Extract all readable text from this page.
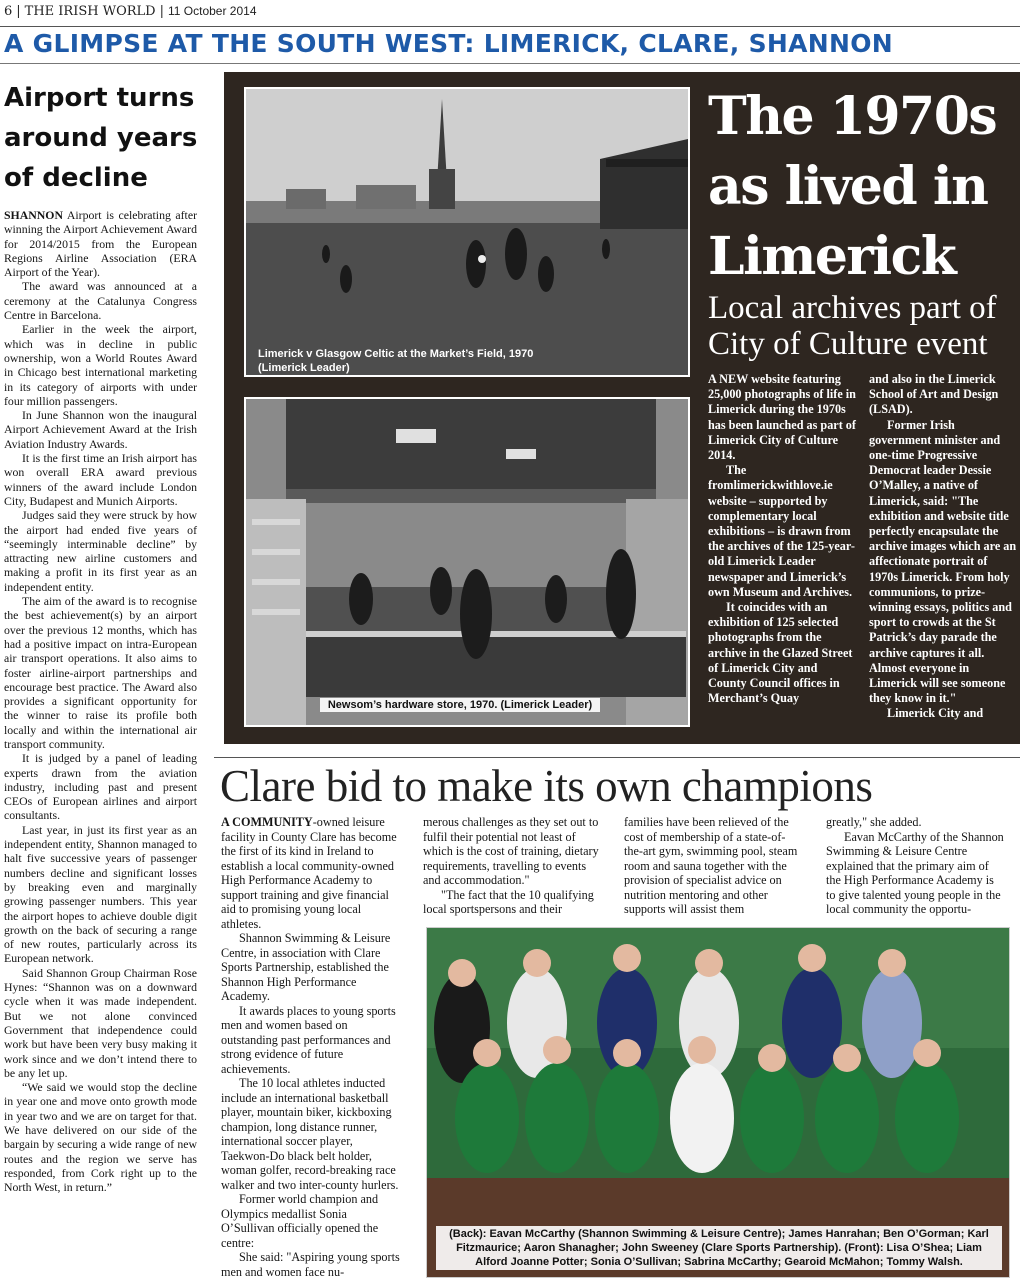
6 | THE IRISH WORLD | 11 October 2014
A GLIMPSE AT THE SOUTH WEST: LIMERICK, CLARE, SHANNON
Airport turns
around years
of decline

SHANNON Airport is celebrating after winning the Airport Achievement Award for 2014/2015 from the European Regions Airline Association (ERA Airport of the Year).

The award was announced at a ceremony at the Catalunya Congress Centre in Barcelona.

Earlier in the week the airport, which was in decline in public ownership, won a World Routes Award in Chicago best international marketing in its category of airports with under four million passengers.

In June Shannon won the inaugural Airport Achievement Award at the Irish Aviation Industry Awards.

It is the first time an Irish airport has won overall ERA award previous winners of the award include London City, Budapest and Munich Airports.

Judges said they were struck by how the airport had ended five years of “seemingly interminable decline” by attracting new airline customers and making a profit in its first year as an independent entity.

The aim of the award is to recognise the best achievement(s) by an airport over the previous 12 months, which has had a positive impact on intra-European air transport operations. It also aims to foster airline-airport partnerships and encourage best practice. The Award also provides a significant opportunity for the winner to raise its profile both locally and within the international air transport community.

It is judged by a panel of leading experts drawn from the aviation industry, including past and present CEOs of European airlines and airport consultants.

Last year, in just its first year as an independent entity, Shannon managed to halt five successive years of passenger numbers decline and significant losses by breaking even and marginally growing passenger numbers. This year the airport hopes to achieve double digit growth on the back of securing a range of new routes, particularly across its European network.

Said Shannon Group Chairman Rose Hynes: “Shannon was on a downward cycle when it was made independent. But we not alone convinced Government that independence could work but have been very busy making it work since and we don’t intend there to be any let up.

“We said we would stop the decline in year one and move onto growth mode in year two and we are on target for that. We have delivered on our side of the bargain by securing a wide range of new routes and the region we serve has responded, from Cork right up to the North West, in return.”

Limerick v Glasgow Celtic at the Market’s Field, 1970
(Limerick Leader)
Newsom’s hardware store, 1970. (Limerick Leader)
The 1970s
as lived in
Limerick
Local archives part of
City of Culture event

A NEW website featuring 25,000 photographs of life in Limerick during the 1970s has been launched as part of Limerick City of Culture 2014.

The fromlimerickwithlove.ie website – supported by complementary local exhibitions – is drawn from the archives of the 125-year-old Limerick Leader newspaper and Limerick’s own Museum and Archives.

It coincides with an exhibition of 125 selected photographs from the archive in the Glazed Street of Limerick City and County Council offices in Merchant’s Quay

and also in the Limerick School of Art and Design (LSAD).

Former Irish government minister and one-time Progressive Democrat leader Dessie O’Malley, a native of Limerick, said: "The exhibition and website title perfectly encapsulate the archive images which are an affectionate portrait of 1970s Limerick. From holy communions, to prize-winning essays, politics and sport to crowds at the St Patrick’s day parade the archive captures it all. Almost everyone in Limerick will see someone they know in it."

Limerick City and

Clare bid to make its own champions

A COMMUNITY-owned leisure facility in County Clare has become the first of its kind in Ireland to establish a local community-owned High Performance Academy to support training and give financial aid to promising young local athletes.

Shannon Swimming & Leisure Centre, in association with Clare Sports Partnership, established the Shannon High Performance Academy.

It awards places to young sports men and women based on outstanding past performances and strong evidence of future achievements.

The 10 local athletes inducted include an international basketball player, mountain biker, kickboxing champion, long distance runner, international soccer player, Taekwon-Do black belt holder, woman golfer, record-breaking race walker and two inter-county hurlers.

Former world champion and Olympics medallist Sonia O’Sullivan officially opened the centre:

She said: "Aspiring young sports men and women face nu-

merous challenges as they set out to fulfil their potential not least of which is the cost of training, dietary requirements, travelling to events and accommodation."

"The fact that the 10 qualifying local sportspersons and their

families have been relieved of the cost of membership of a state-of-the-art gym, swimming pool, steam room and sauna together with the provision of specialist advice on nutrition mentoring and other supports will assist them

greatly," she added.

Eavan McCarthy of the Shannon Swimming & Leisure Centre explained that the primary aim of the High Performance Academy is to give talented young people in the local community the opportu-

(Back): Eavan McCarthy (Shannon Swimming & Leisure Centre); James Hanrahan; Ben O’Gorman; Karl Fitzmaurice; Aaron Shanagher; John Sweeney (Clare Sports Partnership). (Front): Lisa O’Shea; Liam Alford Joanne Potter; Sonia O’Sullivan; Sabrina McCarthy; Gearoid McMahon; Tommy Walsh.
